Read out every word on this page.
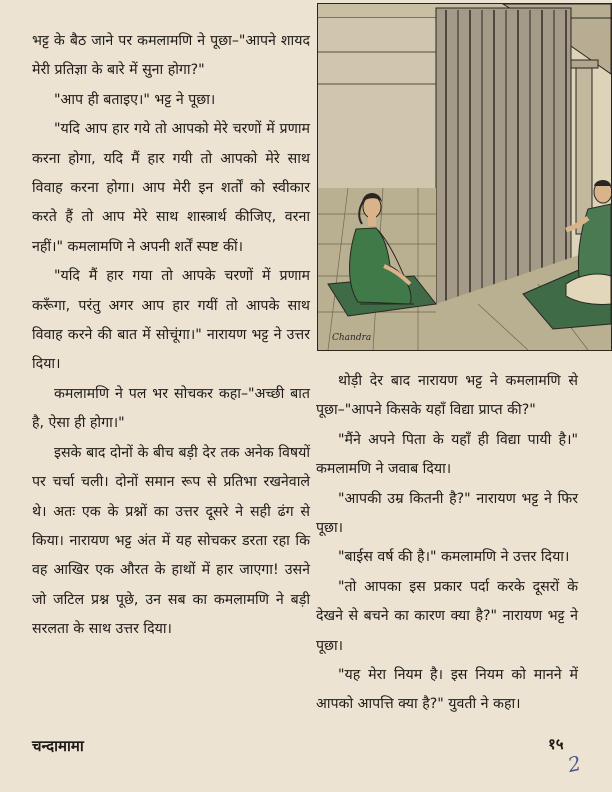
भट्ट के बैठ जाने पर कमलामणि ने पूछा–"आपने शायद मेरी प्रतिज्ञा के बारे में सुना होगा?"

"आप ही बताइए।" भट्ट ने पूछा।

"यदि आप हार गये तो आपको मेरे चरणों में प्रणाम करना होगा, यदि मैं हार गयी तो आपको मेरे साथ विवाह करना होगा। आप मेरी इन शर्तों को स्वीकार करते हैं तो आप मेरे साथ शास्त्रार्थ कीजिए, वरना नहीं।" कमलामणि ने अपनी शर्तें स्पष्ट कीं।

"यदि मैं हार गया तो आपके चरणों में प्रणाम करूँगा, परंतु अगर आप हार गयीं तो आपके साथ विवाह करने की बात में सोचूंगा।" नारायण भट्ट ने उत्तर दिया।

कमलामणि ने पल भर सोचकर कहा–"अच्छी बात है, ऐसा ही होगा।"

इसके बाद दोनों के बीच बड़ी देर तक अनेक विषयों पर चर्चा चली। दोनों समान रूप से प्रतिभा रखनेवाले थे। अतः एक के प्रश्नों का उत्तर दूसरे ने सही ढंग से किया। नारायण भट्ट अंत में यह सोचकर डरता रहा कि वह आखिर एक औरत के हाथों में हार जाएगा! उसने जो जटिल प्रश्न पूछे, उन सब का कमलामणि ने बड़ी सरलता के साथ उत्तर दिया।

Chandra

थोड़ी देर बाद नारायण भट्ट ने कमलामणि से पूछा–"आपने किसके यहाँ विद्या प्राप्त की?"

"मैंने अपने पिता के यहाँ ही विद्या पायी है।" कमलामणि ने जवाब दिया।

"आपकी उम्र कितनी है?" नारायण भट्ट ने फिर पूछा।

"बाईस वर्ष की है।" कमलामणि ने उत्तर दिया।

"तो आपका इस प्रकार पर्दा करके दूसरों के देखने से बचने का कारण क्या है?" नारायण भट्ट ने पूछा।

"यह मेरा नियम है। इस नियम को मानने में आपको आपत्ति क्या है?" युवती ने कहा।

चन्दामामा	१५
2
